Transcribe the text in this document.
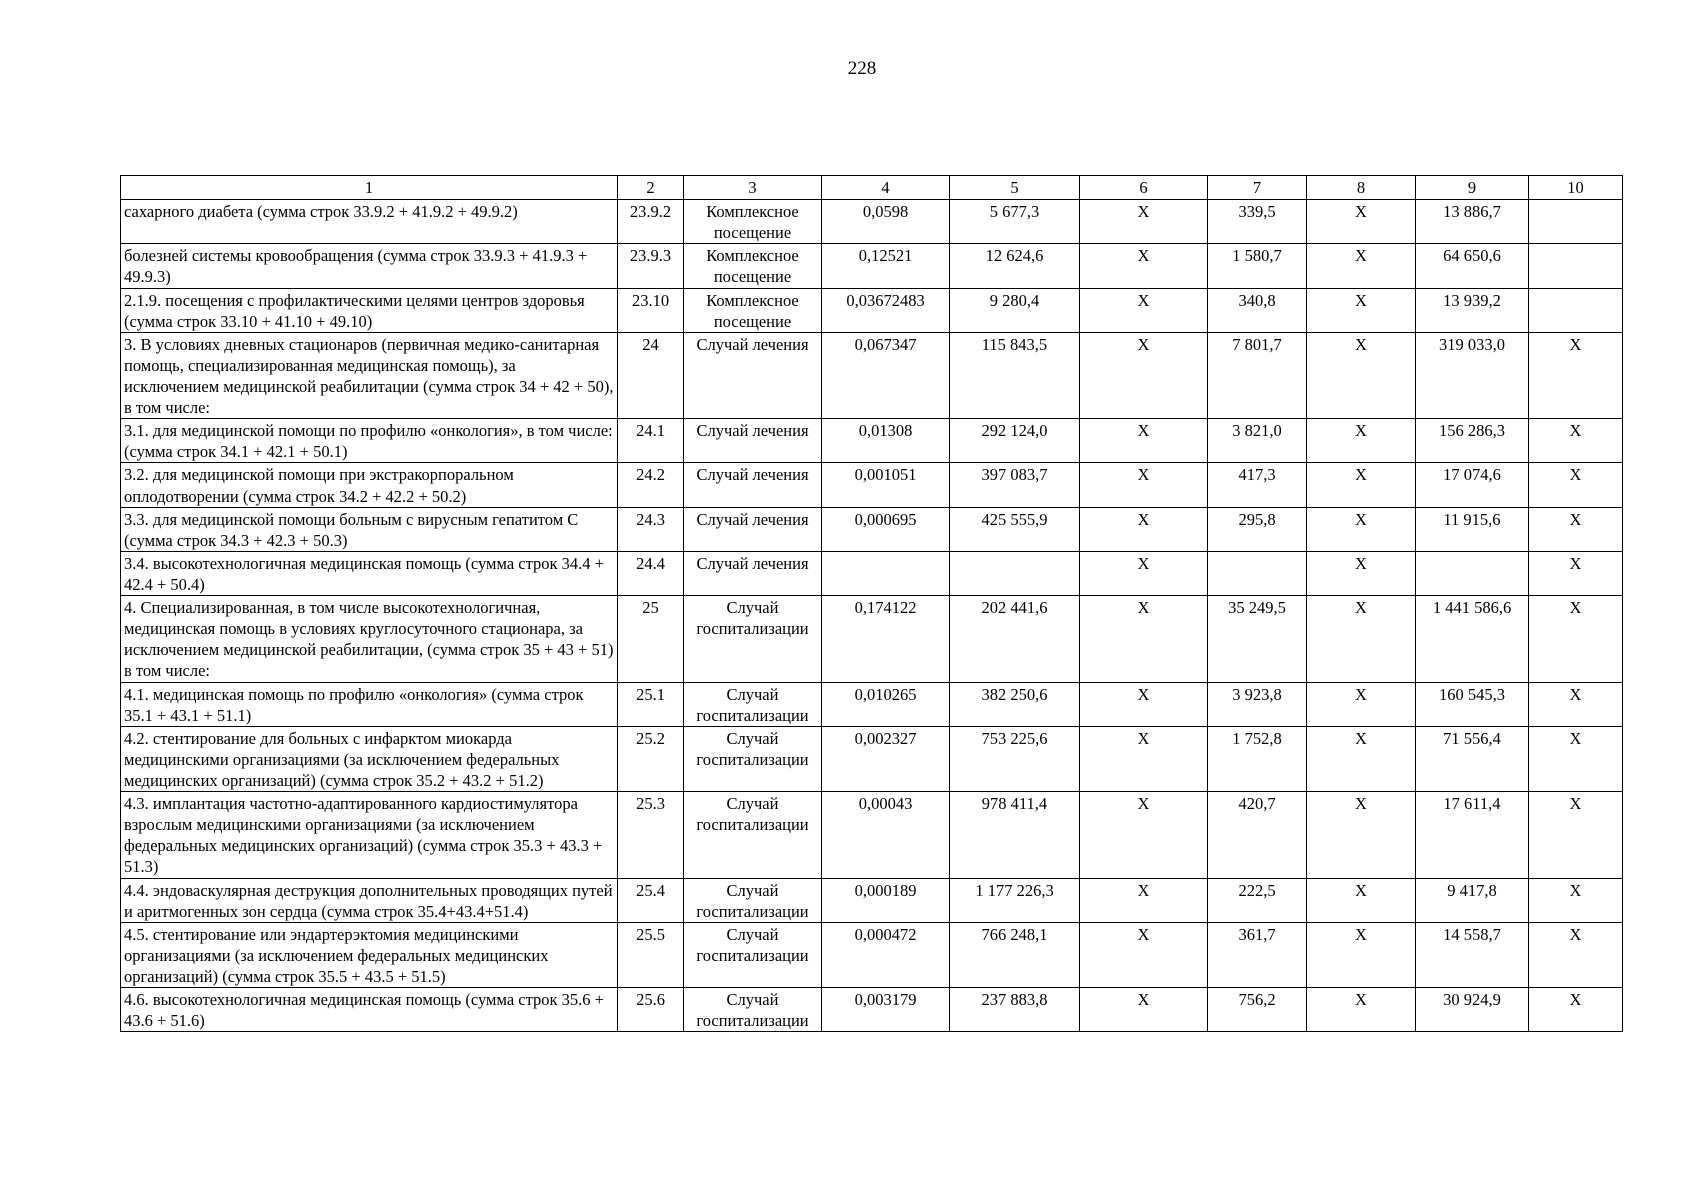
228
1	2	3	4	5	6	7	8	9	10
сахарного диабета (сумма строк 33.9.2 + 41.9.2 + 49.9.2)	23.9.2	Комплексное посещение	0,0598	5 677,3	X	339,5	X	13 886,7	
болезней системы кровообращения (сумма строк 33.9.3 + 41.9.3 + 49.9.3)	23.9.3	Комплексное посещение	0,12521	12 624,6	X	1 580,7	X	64 650,6	
2.1.9. посещения с профилактическими целями центров здоровья (сумма строк 33.10 + 41.10 + 49.10)	23.10	Комплексное посещение	0,03672483	9 280,4	X	340,8	X	13 939,2	
3. В условиях дневных стационаров (первичная медико-санитарная помощь, специализированная медицинская помощь), за исключением медицинской реабилитации (сумма строк 34 + 42 + 50), в том числе:	24	Случай лечения	0,067347	115 843,5	X	7 801,7	X	319 033,0	X
3.1. для медицинской помощи по профилю «онкология», в том числе: (сумма строк 34.1 + 42.1 + 50.1)	24.1	Случай лечения	0,01308	292 124,0	X	3 821,0	X	156 286,3	X
3.2. для медицинской помощи при экстракорпоральном оплодотворении (сумма строк 34.2 + 42.2 + 50.2)	24.2	Случай лечения	0,001051	397 083,7	X	417,3	X	17 074,6	X
3.3. для медицинской помощи больным с вирусным гепатитом С (сумма строк 34.3 + 42.3 + 50.3)	24.3	Случай лечения	0,000695	425 555,9	X	295,8	X	11 915,6	X
3.4. высокотехнологичная медицинская помощь (сумма строк 34.4 + 42.4 + 50.4)	24.4	Случай лечения			X		X		X
4. Специализированная, в том числе высокотехнологичная, медицинская помощь в условиях круглосуточного стационара, за исключением медицинской реабилитации, (сумма строк 35 + 43 + 51) в том числе:	25	Случай госпитализации	0,174122	202 441,6	X	35 249,5	X	1 441 586,6	X
4.1. медицинская помощь по профилю «онкология» (сумма строк 35.1 + 43.1 + 51.1)	25.1	Случай госпитализации	0,010265	382 250,6	X	3 923,8	X	160 545,3	X
4.2. стентирование для больных с инфарктом миокарда медицинскими организациями (за исключением федеральных медицинских организаций) (сумма строк 35.2 + 43.2 + 51.2)	25.2	Случай госпитализации	0,002327	753 225,6	X	1 752,8	X	71 556,4	X
4.3. имплантация частотно-адаптированного кардиостимулятора взрослым медицинскими организациями (за исключением федеральных медицинских организаций) (сумма строк 35.3 + 43.3 + 51.3)	25.3	Случай госпитализации	0,00043	978 411,4	X	420,7	X	17 611,4	X
4.4. эндоваскулярная деструкция дополнительных проводящих путей и аритмогенных зон сердца (сумма строк 35.4+43.4+51.4)	25.4	Случай госпитализации	0,000189	1 177 226,3	X	222,5	X	9 417,8	X
4.5. стентирование или эндартерэктомия медицинскими организациями (за исключением федеральных медицинских организаций) (сумма строк 35.5 + 43.5 + 51.5)	25.5	Случай госпитализации	0,000472	766 248,1	X	361,7	X	14 558,7	X
4.6. высокотехнологичная медицинская помощь (сумма строк 35.6 + 43.6 + 51.6)	25.6	Случай госпитализации	0,003179	237 883,8	X	756,2	X	30 924,9	X
